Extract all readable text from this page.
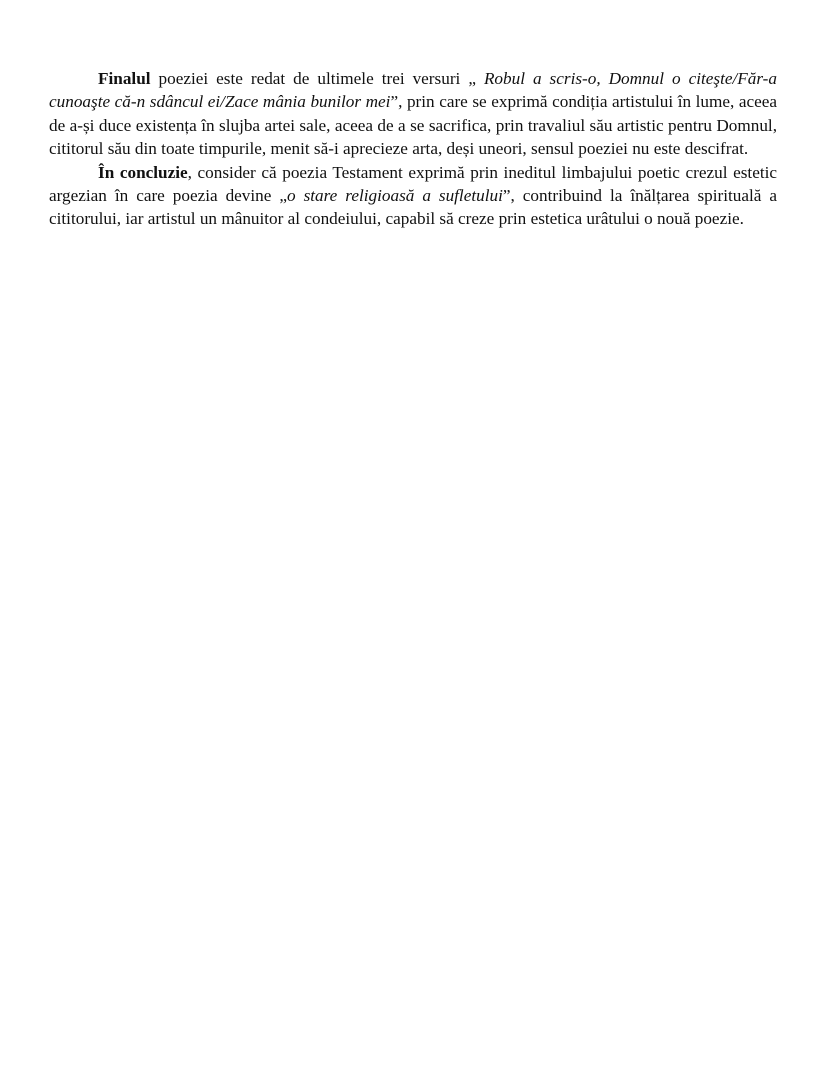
Finalul poeziei este redat de ultimele trei versuri „ Robul a scris-o, Domnul o citeşte/Făr-a cunoaşte că-n sdâncul ei/Zace mânia bunilor mei”, prin care se exprimă condiția artistului în lume, aceea de a-și duce existența în slujba artei sale, aceea de a se sacrifica, prin travaliul său artistic pentru Domnul, cititorul său din toate timpurile, menit să-i aprecieze arta, deși uneori, sensul poeziei nu este descifrat.

În concluzie, consider că poezia Testament exprimă prin ineditul limbajului poetic crezul estetic argezian în care poezia devine „o stare religioasă a sufletului”, contribuind la înălțarea spirituală a cititorului, iar artistul un mânuitor al condeiului, capabil să creze prin estetica urâtului o nouă poezie.
